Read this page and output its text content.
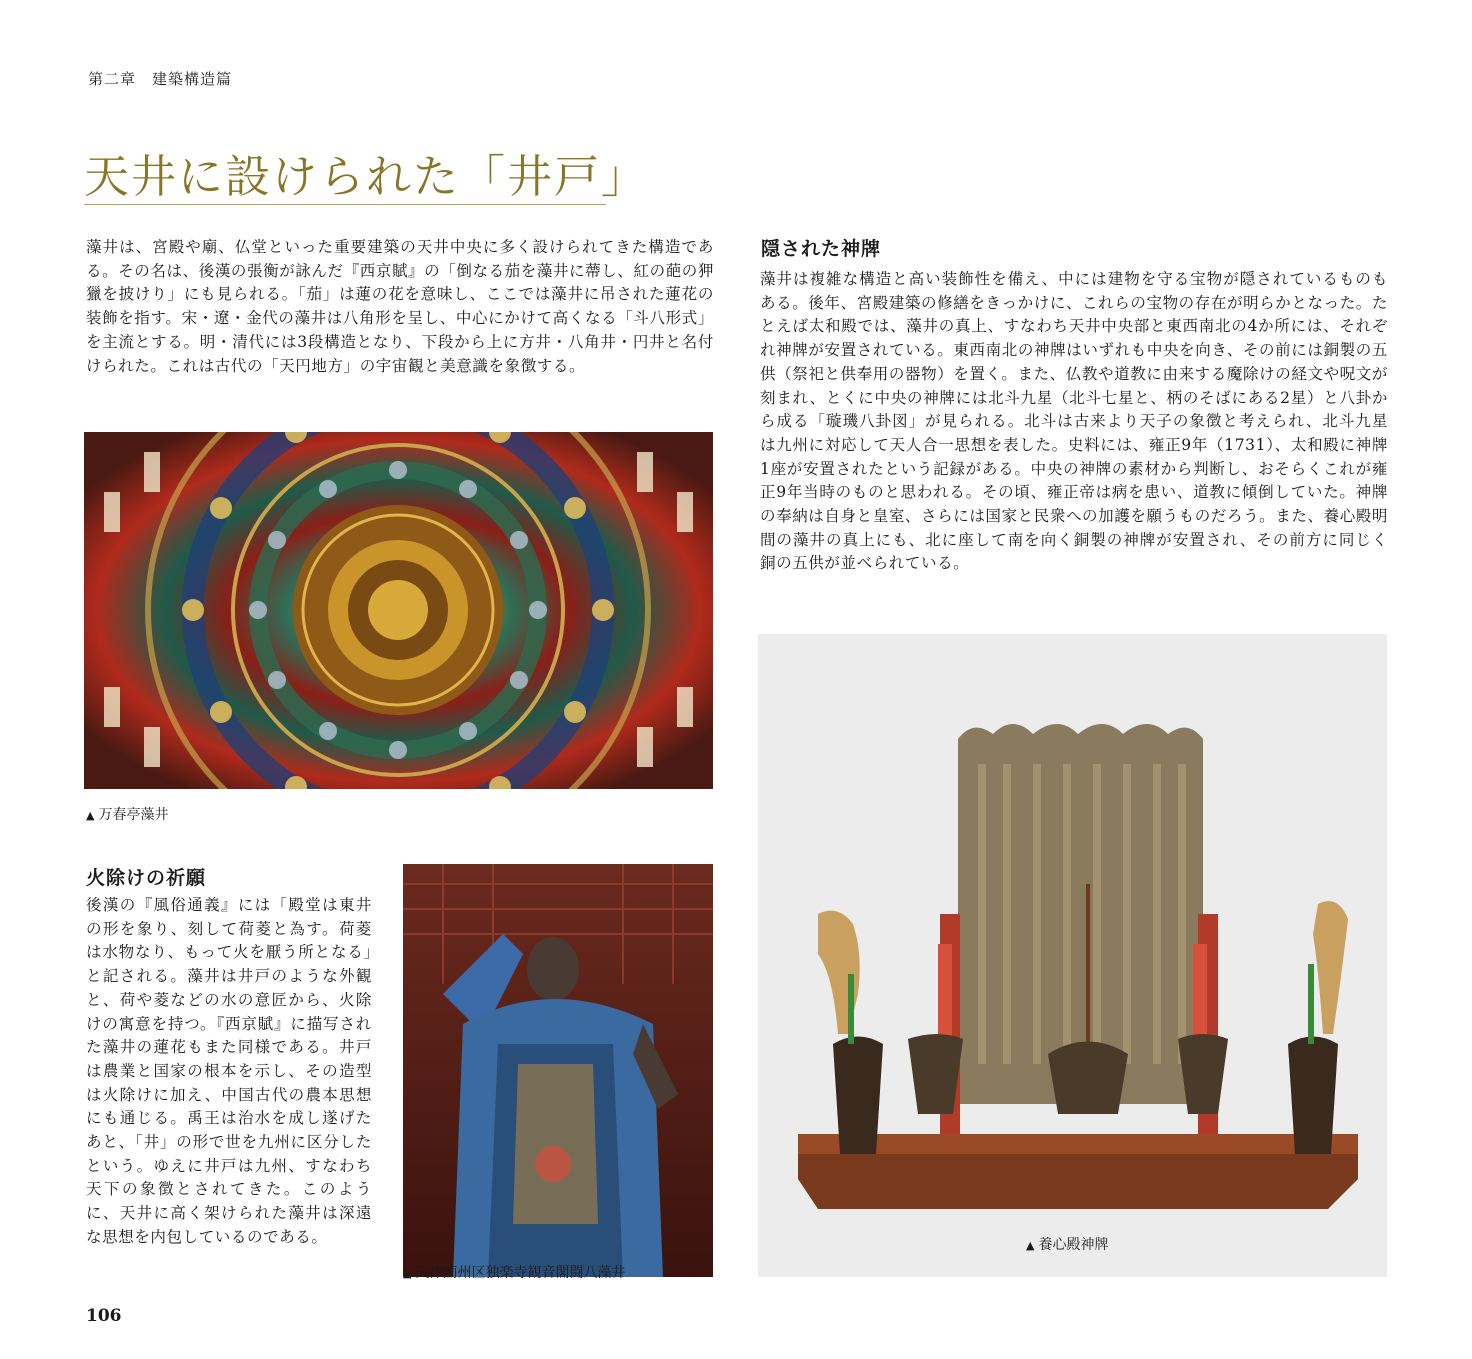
第二章　建築構造篇
天井に設けられた「井戸」

藻井は、宮殿や廟、仏堂といった重要建築の天井中央に多く設けられてきた構造である。その名は、後漢の張衡が詠んだ『西京賦』の「倒なる茄を藻井に蔕し、紅の葩の狎獵を披けり」にも見られる。「茄」は蓮の花を意味し、ここでは藻井に吊された蓮花の装飾を指す。宋・遼・金代の藻井は八角形を呈し、中心にかけて高くなる「斗八形式」を主流とする。明・清代には3段構造となり、下段から上に方井・八角井・円井と名付けられた。これは古代の「天円地方」の宇宙観と美意識を象徴する。

隠された神牌

藻井は複雑な構造と高い装飾性を備え、中には建物を守る宝物が隠されているものもある。後年、宮殿建築の修繕をきっかけに、これらの宝物の存在が明らかとなった。たとえば太和殿では、藻井の真上、すなわち天井中央部と東西南北の4か所には、それぞれ神牌が安置されている。東西南北の神牌はいずれも中央を向き、その前には銅製の五供（祭祀と供奉用の器物）を置く。また、仏教や道教に由来する魔除けの経文や呪文が刻まれ、とくに中央の神牌には北斗九星（北斗七星と、柄のそばにある2星）と八卦から成る「璇璣八卦図」が見られる。北斗は古来より天子の象徴と考えられ、北斗九星は九州に対応して天人合一思想を表した。史料には、雍正9年（1731）、太和殿に神牌1座が安置されたという記録がある。中央の神牌の素材から判断し、おそらくこれが雍正9年当時のものと思われる。その頃、雍正帝は病を患い、道教に傾倒していた。神牌の奉納は自身と皇室、さらには国家と民衆への加護を願うものだろう。また、養心殿明間の藻井の真上にも、北に座して南を向く銅製の神牌が安置され、その前方に同じく銅の五供が並べられている。

▲ 万春亭藻井
火除けの祈願

後漢の『風俗通義』には「殿堂は東井の形を象り、刻して荷菱と為す。荷菱は水物なり、もって火を厭う所となる」と記される。藻井は井戸のような外観と、荷や菱などの水の意匠から、火除けの寓意を持つ。『西京賦』に描写された藻井の蓮花もまた同様である。井戸は農業と国家の根本を示し、その造型は火除けに加え、中国古代の農本思想にも通じる。禹王は治水を成し遂げたあと、「井」の形で世を九州に区分したという。ゆえに井戸は九州、すなわち天下の象徴とされてきた。このように、天井に高く架けられた藻井は深遠な思想を内包しているのである。

▲ 天津薊州区独楽寺観音閣闘八藻井
▲ 養心殿神牌
106
